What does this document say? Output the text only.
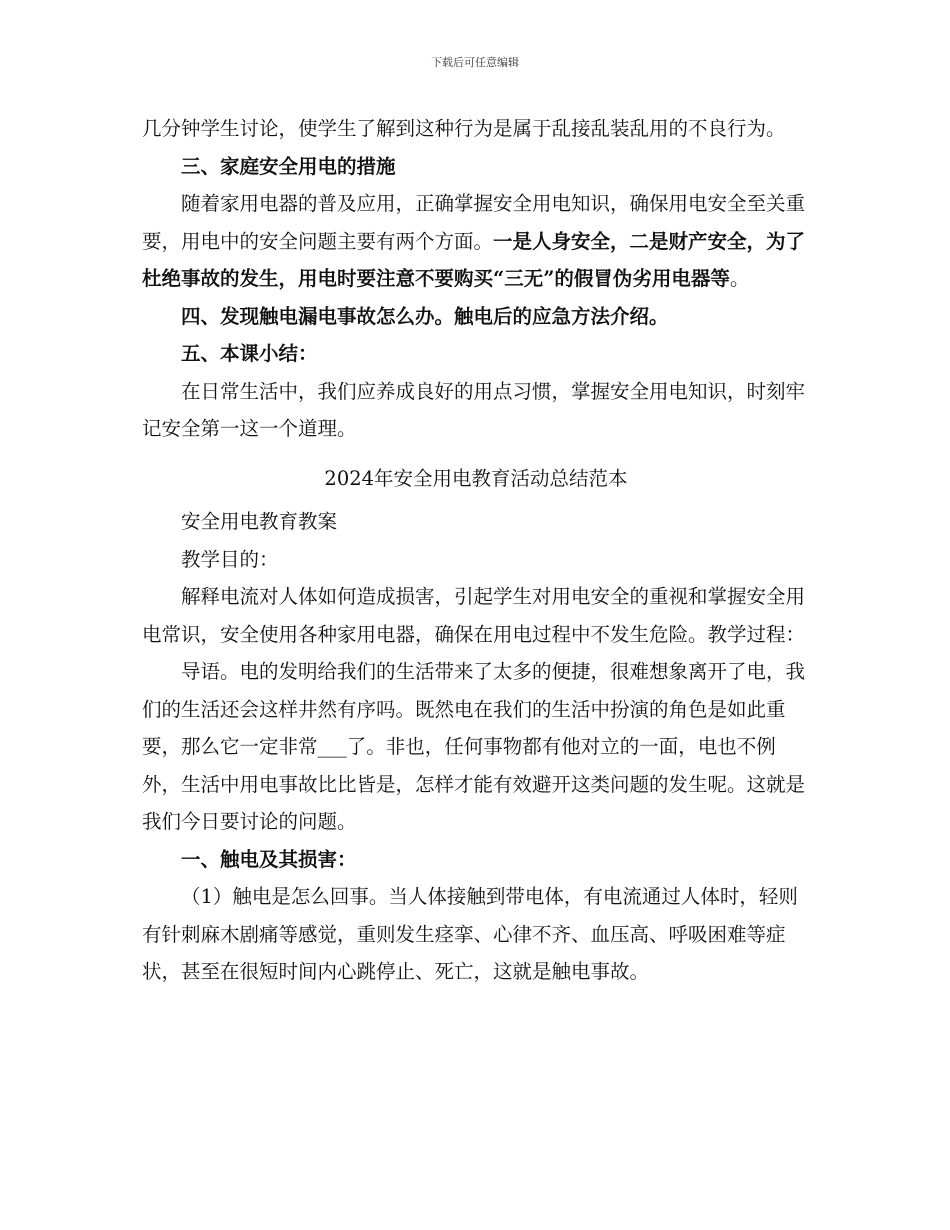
下载后可任意编辑

几分钟学生讨论，使学生了解到这种行为是属于乱接乱装乱用的不良行为。

三、家庭安全用电的措施

随着家用电器的普及应用，正确掌握安全用电知识，确保用电安全至关重要，用电中的安全问题主要有两个方面。一是人身安全，二是财产安全，为了杜绝事故的发生，用电时要注意不要购买“三无”的假冒伪劣用电器等。

四、发现触电漏电事故怎么办。触电后的应急方法介绍。

五、本课小结：

在日常生活中，我们应养成良好的用点习惯，掌握安全用电知识，时刻牢记安全第一这一个道理。

2024年安全用电教育活动总结范本

安全用电教育教案

教学目的：

解释电流对人体如何造成损害，引起学生对用电安全的重视和掌握安全用电常识，安全使用各种家用电器，确保在用电过程中不发生危险。教学过程：

导语。电的发明给我们的生活带来了太多的便捷，很难想象离开了电，我们的生活还会这样井然有序吗。既然电在我们的生活中扮演的角色是如此重要，那么它一定非常___了。非也，任何事物都有他对立的一面，电也不例外，生活中用电事故比比皆是，怎样才能有效避开这类问题的发生呢。这就是我们今日要讨论的问题。

一、触电及其损害：

（1）触电是怎么回事。当人体接触到带电体，有电流通过人体时，轻则有针刺麻木剧痛等感觉，重则发生痉挛、心律不齐、血压高、呼吸困难等症状，甚至在很短时间内心跳停止、死亡，这就是触电事故。
